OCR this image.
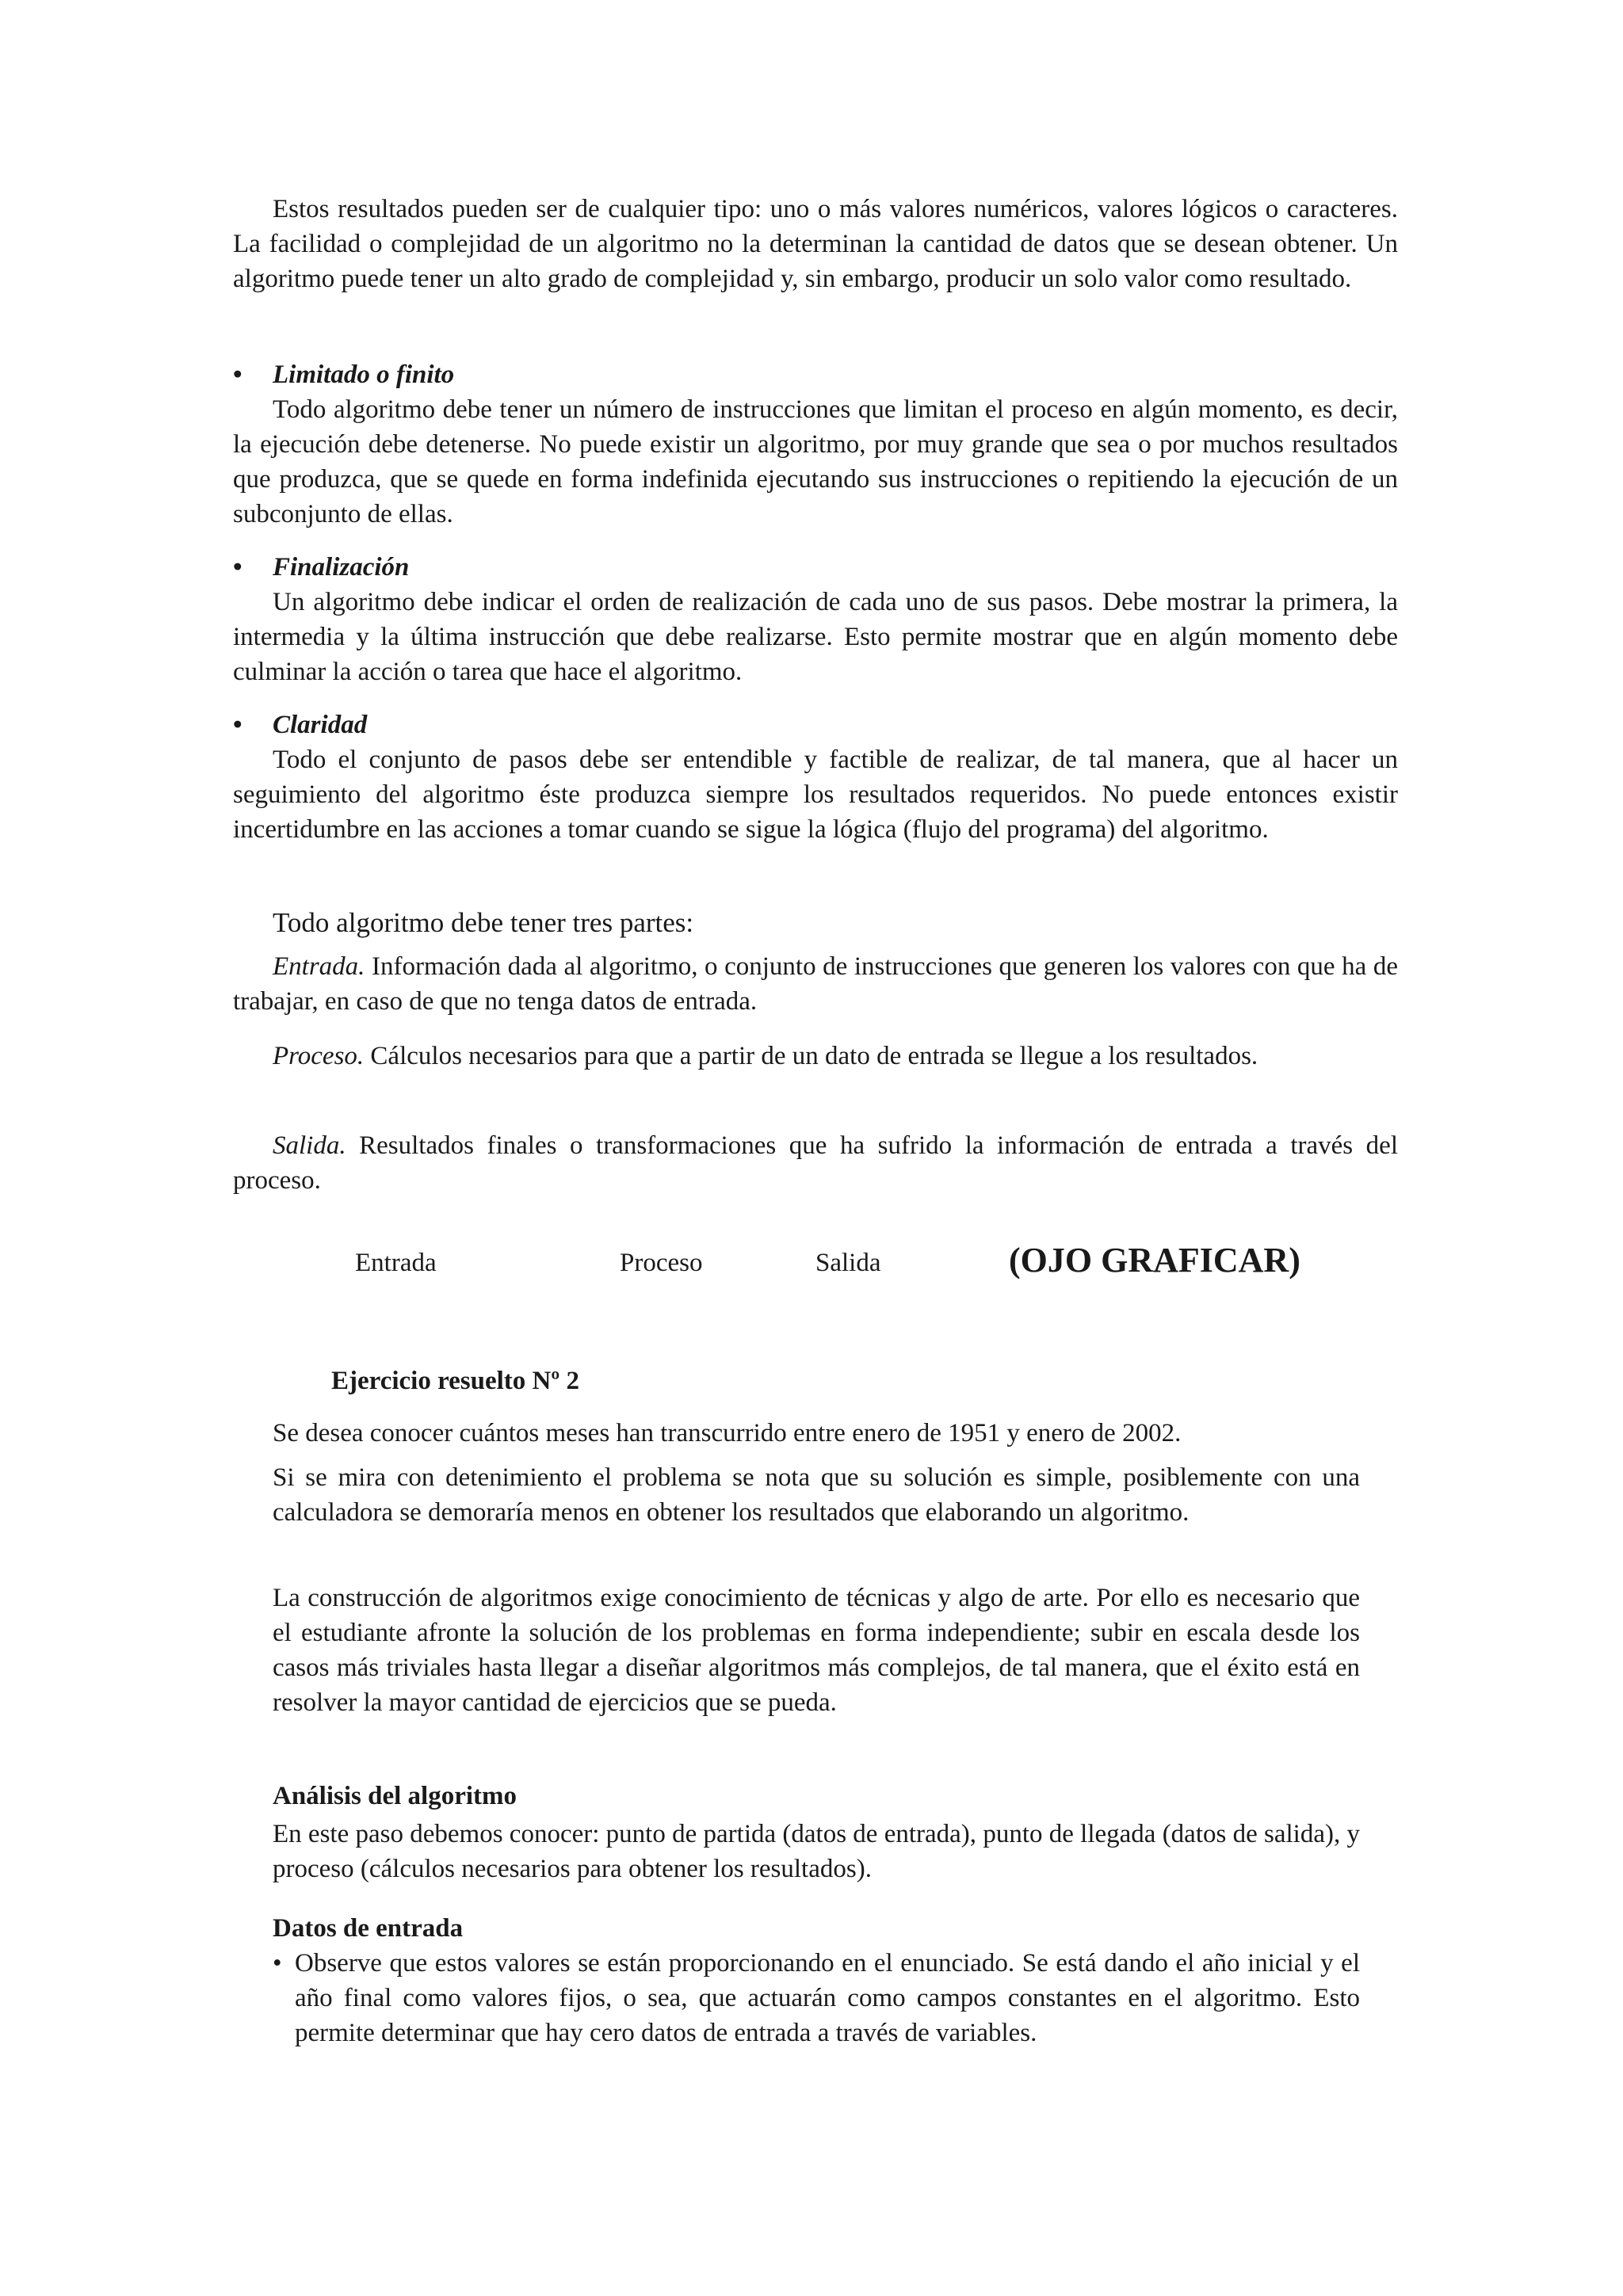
Estos resultados pueden ser de cualquier tipo: uno o más valores numéricos, valores lógicos o caracteres. La facilidad o complejidad de un algoritmo no la determinan la cantidad de datos que se desean obtener. Un algoritmo puede tener un alto grado de complejidad y, sin embargo, producir un solo valor como resultado.

• Limitado o finito

Todo algoritmo debe tener un número de instrucciones que limitan el proceso en algún momento, es decir, la ejecución debe detenerse. No puede existir un algoritmo, por muy grande que sea o por muchos resultados que produzca, que se quede en forma indefinida ejecutando sus instrucciones o repitiendo la ejecución de un subconjunto de ellas.

• Finalización

Un algoritmo debe indicar el orden de realización de cada uno de sus pasos. Debe mostrar la primera, la intermedia y la última instrucción que debe realizarse. Esto permite mostrar que en algún momento debe culminar la acción o tarea que hace el algoritmo.

• Claridad

Todo el conjunto de pasos debe ser entendible y factible de realizar, de tal manera, que al hacer un seguimiento del algoritmo éste produzca siempre los resultados requeridos. No puede entonces existir incertidumbre en las acciones a tomar cuando se sigue la lógica (flujo del programa) del algoritmo.

Todo algoritmo debe tener tres partes:

Entrada. Información dada al algoritmo, o conjunto de instrucciones que generen los valores con que ha de trabajar, en caso de que no tenga datos de entrada.

Proceso. Cálculos necesarios para que a partir de un dato de entrada se llegue a los resultados.

Salida. Resultados finales o transformaciones que ha sufrido la información de entrada a través del proceso.

Entrada	Proceso	Salida	(OJO GRAFICAR)
Ejercicio resuelto Nº 2

Se desea conocer cuántos meses han transcurrido entre enero de 1951 y enero de 2002.

Si se mira con detenimiento el problema se nota que su solución es simple, posiblemente con una calculadora se demoraría menos en obtener los resultados que elaborando un algoritmo.

La construcción de algoritmos exige conocimiento de técnicas y algo de arte. Por ello es necesario que el estudiante afronte la solución de los problemas en forma independiente; subir en escala desde los casos más triviales hasta llegar a diseñar algoritmos más complejos, de tal manera, que el éxito está en resolver la mayor cantidad de ejercicios que se pueda.

Análisis del algoritmo

En este paso debemos conocer: punto de partida (datos de entrada), punto de llegada (datos de salida), y proceso (cálculos necesarios para obtener los resultados).

Datos de entrada
• Observe que estos valores se están proporcionando en el enunciado. Se está dando el año inicial y el año final como valores fijos, o sea, que actuarán como campos constantes en el algoritmo. Esto permite determinar que hay cero datos de entrada a través de variables.
